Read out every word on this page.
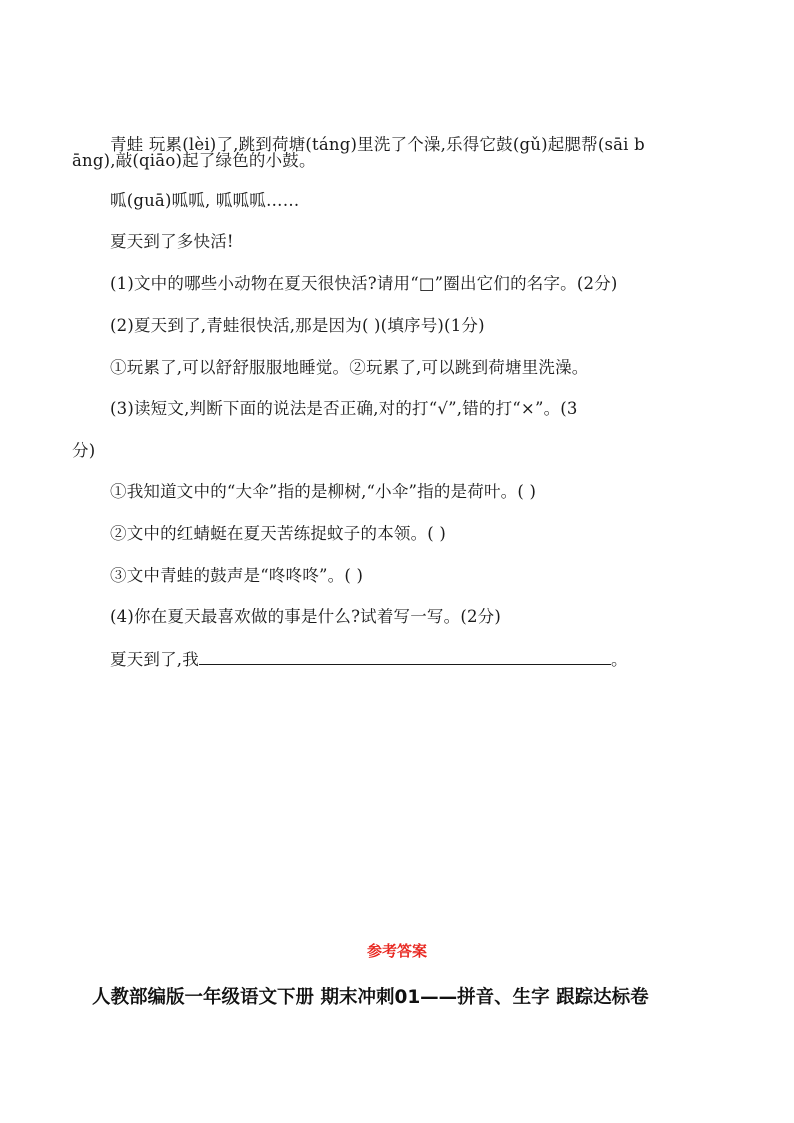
青蛙 玩累(lèi)了,跳到荷塘(táng)里洗了个澡,乐得它鼓(gǔ)起腮帮(sāi b
āng),敲(qiāo)起了绿色的小鼓。
呱(guā)呱呱, 呱呱呱……
夏天到了多快活!
(1)文中的哪些小动物在夏天很快活?请用“□”圈出它们的名字。(2分)
(2)夏天到了,青蛙很快活,那是因为( )(填序号)(1分)
①玩累了,可以舒舒服服地睡觉。②玩累了,可以跳到荷塘里洗澡。
(3)读短文,判断下面的说法是否正确,对的打“√”,错的打“×”。(3
分)
①我知道文中的“大伞”指的是柳树,“小伞”指的是荷叶。( )
②文中的红蜻蜓在夏天苦练捉蚊子的本领。( )
③文中青蛙的鼓声是“咚咚咚”。( )
(4)你在夏天最喜欢做的事是什么?试着写一写。(2分)
夏天到了,我	。
参考答案
人教部编版一年级语文下册 期末冲刺01——拼音、生字 跟踪达标卷
